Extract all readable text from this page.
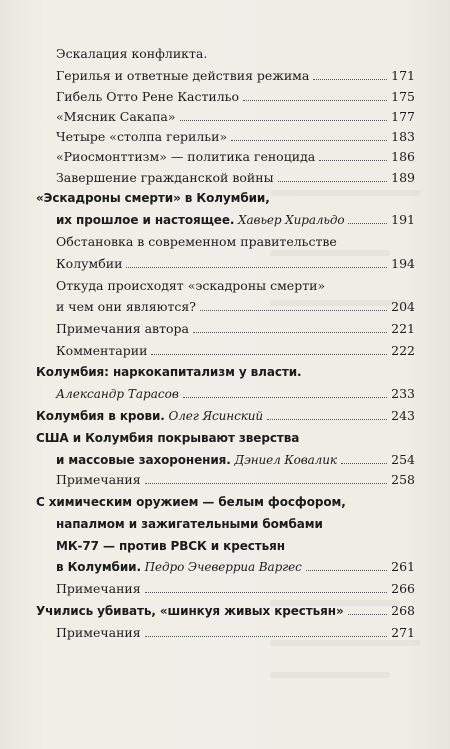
Эскалация конфликта.
Герилья и ответные действия режима	171
Гибель Отто Рене Кастильо	175
«Мясник Сакапа»	177
Четыре «столпа герильи»	183
«Риосмонттизм» — политика геноцида	186
Завершение гражданской войны	189
«Эскадроны смерти» в Колумбии,
их прошлое и настоящее. Хавьер Хиральдо	191
Обстановка в современном правительстве
Колумбии	194
Откуда происходят «эскадроны смерти»
и чем они являются?	204
Примечания автора	221
Комментарии	222
Колумбия: наркокапитализм у власти.
Александр Тарасов	233
Колумбия в крови. Олег Ясинский	243
США и Колумбия покрывают зверства
и массовые захоронения. Дэниел Ковалик	254
Примечания	258
С химическим оружием — белым фосфором,
напалмом и зажигательными бомбами
МК-77 — против РВСК и крестьян
в Колумбии. Педро Эчеверриа Варгес	261
Примечания	266
Учились убивать, «шинкуя живых крестьян»	268
Примечания	271
